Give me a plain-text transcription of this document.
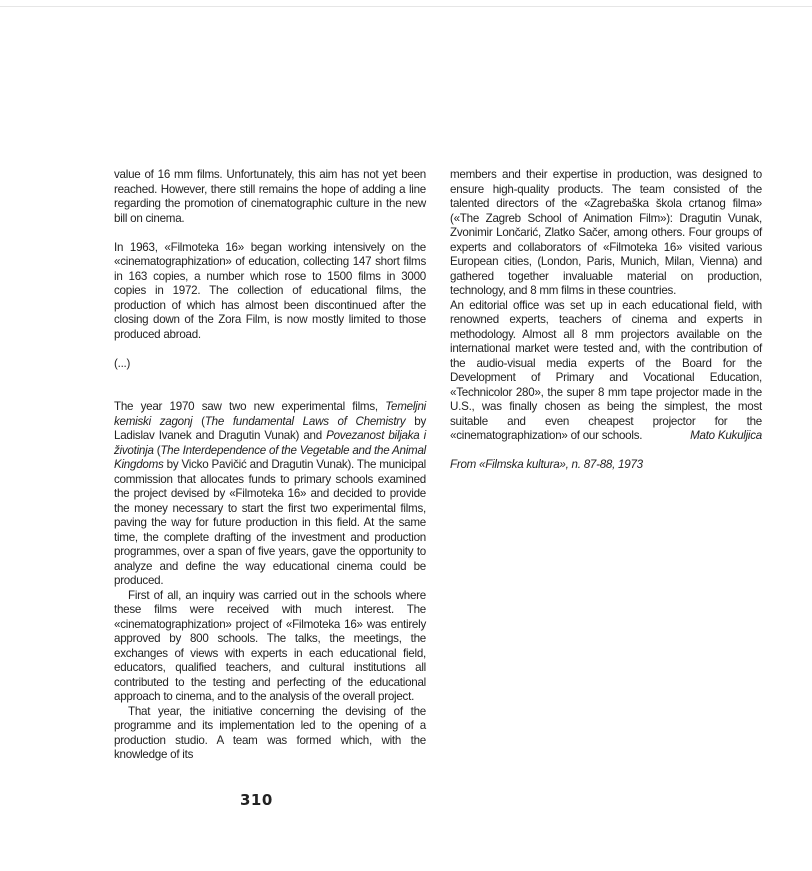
value of 16 mm films. Unfortunately, this aim has not yet been reached. However, there still remains the hope of adding a line regarding the promotion of cinematographic culture in the new bill on cinema.

In 1963, «Filmoteka 16» began working intensively on the «cinematographization» of education, collecting 147 short films in 163 copies, a number which rose to 1500 films in 3000 copies in 1972. The collection of educational films, the production of which has almost been discontinued after the closing down of the Zora Film, is now mostly limited to those produced abroad.

(...)

The year 1970 saw two new experimental films, Temeljni kemiski zagonj (The fundamental Laws of Chemistry by Ladislav Ivanek and Dragutin Vunak) and Povezanost biljaka i životinja (The Interdependence of the Vegetable and the Animal Kingdoms by Vicko Pavičić and Dragutin Vunak). The municipal commission that allocates funds to primary schools examined the project devised by «Filmoteka 16» and decided to provide the money necessary to start the first two experimental films, paving the way for future production in this field. At the same time, the complete drafting of the investment and production programmes, over a span of five years, gave the opportunity to analyze and define the way educational cinema could be produced.

First of all, an inquiry was carried out in the schools where these films were received with much interest. The «cinematographization» project of «Filmoteka 16» was entirely approved by 800 schools. The talks, the meetings, the exchanges of views with experts in each educational field, educators, qualified teachers, and cultural institutions all contributed to the testing and perfecting of the educational approach to cinema, and to the analysis of the overall project.

That year, the initiative concerning the devising of the programme and its implementation led to the opening of a production studio. A team was formed which, with the knowledge of its

members and their expertise in production, was designed to ensure high-quality products. The team consisted of the talented directors of the «Zagrebaška škola crtanog filma» («The Zagreb School of Animation Film»): Dragutin Vunak, Zvonimir Lončarić, Zlatko Sačer, among others. Four groups of experts and collaborators of «Filmoteka 16» visited various European cities, (London, Paris, Munich, Milan, Vienna) and gathered together invaluable material on production, technology, and 8 mm films in these countries.

An editorial office was set up in each educational field, with renowned experts, teachers of cinema and experts in methodology. Almost all 8 mm projectors available on the international market were tested and, with the contribution of the audio-visual media experts of the Board for the Development of Primary and Vocational Education, «Technicolor 280», the super 8 mm tape projector made in the U.S., was finally chosen as being the simplest, the most suitable and even cheapest projector for the «cinematographization» of our schools.	Mato Kukuljica

From «Filmska kultura», n. 87-88, 1973

310
